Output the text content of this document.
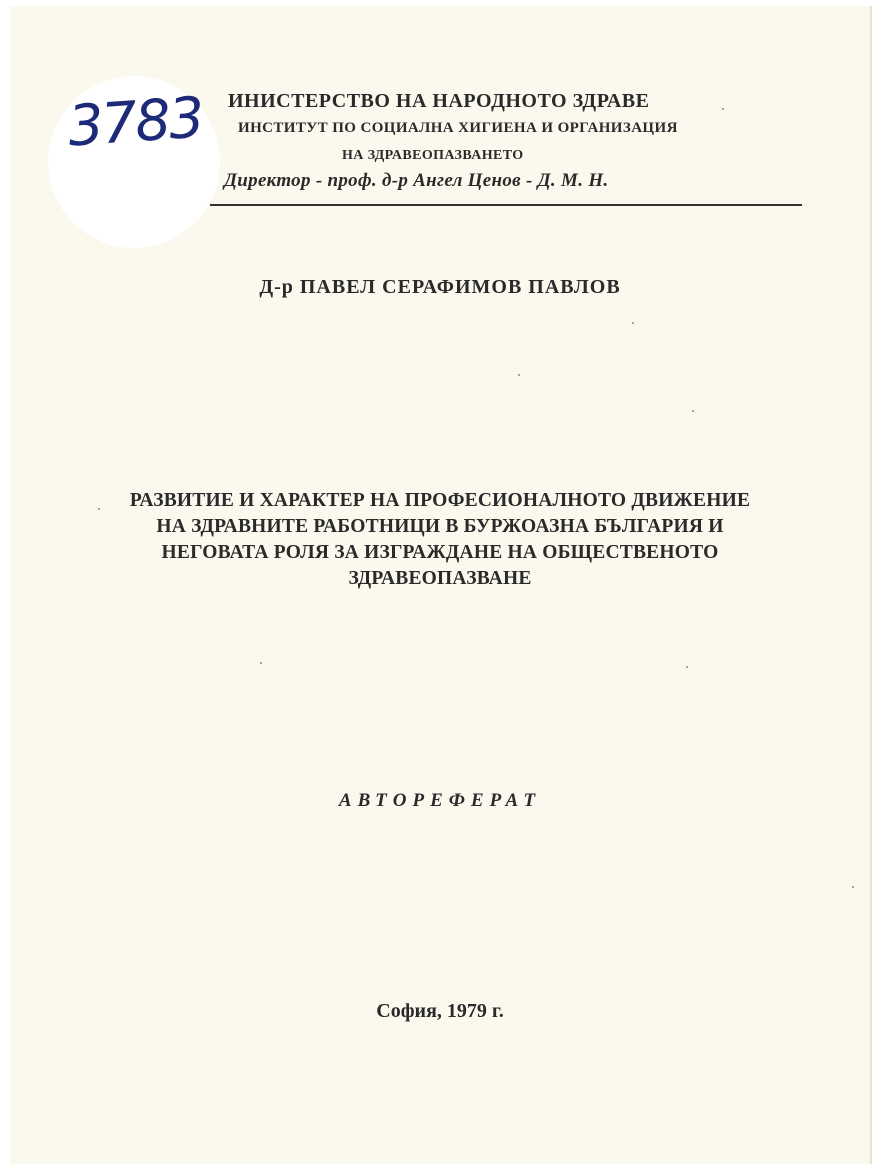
3783 ИНИСТЕРСТВО НА НАРОДНОТО ЗДРАВЕ

ИНСТИТУТ ПО СОЦИАЛНА ХИГИЕНА И ОРГАНИЗАЦИЯ

НА ЗДРАВЕОПАЗВАНЕТО

Директор - проф. д-р Ангел Ценов - Д. М. Н.

Д-р ПАВЕЛ СЕРАФИМОВ ПАВЛОВ

РАЗВИТИЕ И ХАРАКТЕР НА ПРОФЕСИОНАЛНОТО ДВИЖЕНИЕ
НА ЗДРАВНИТЕ РАБОТНИЦИ В БУРЖОАЗНА БЪЛГАРИЯ И
НЕГОВАТА РОЛЯ ЗА ИЗГРАЖДАНЕ НА ОБЩЕСТВЕНОТО
ЗДРАВЕОПАЗВАНЕ

АВТОРЕФЕРАТ

София, 1979 г.
